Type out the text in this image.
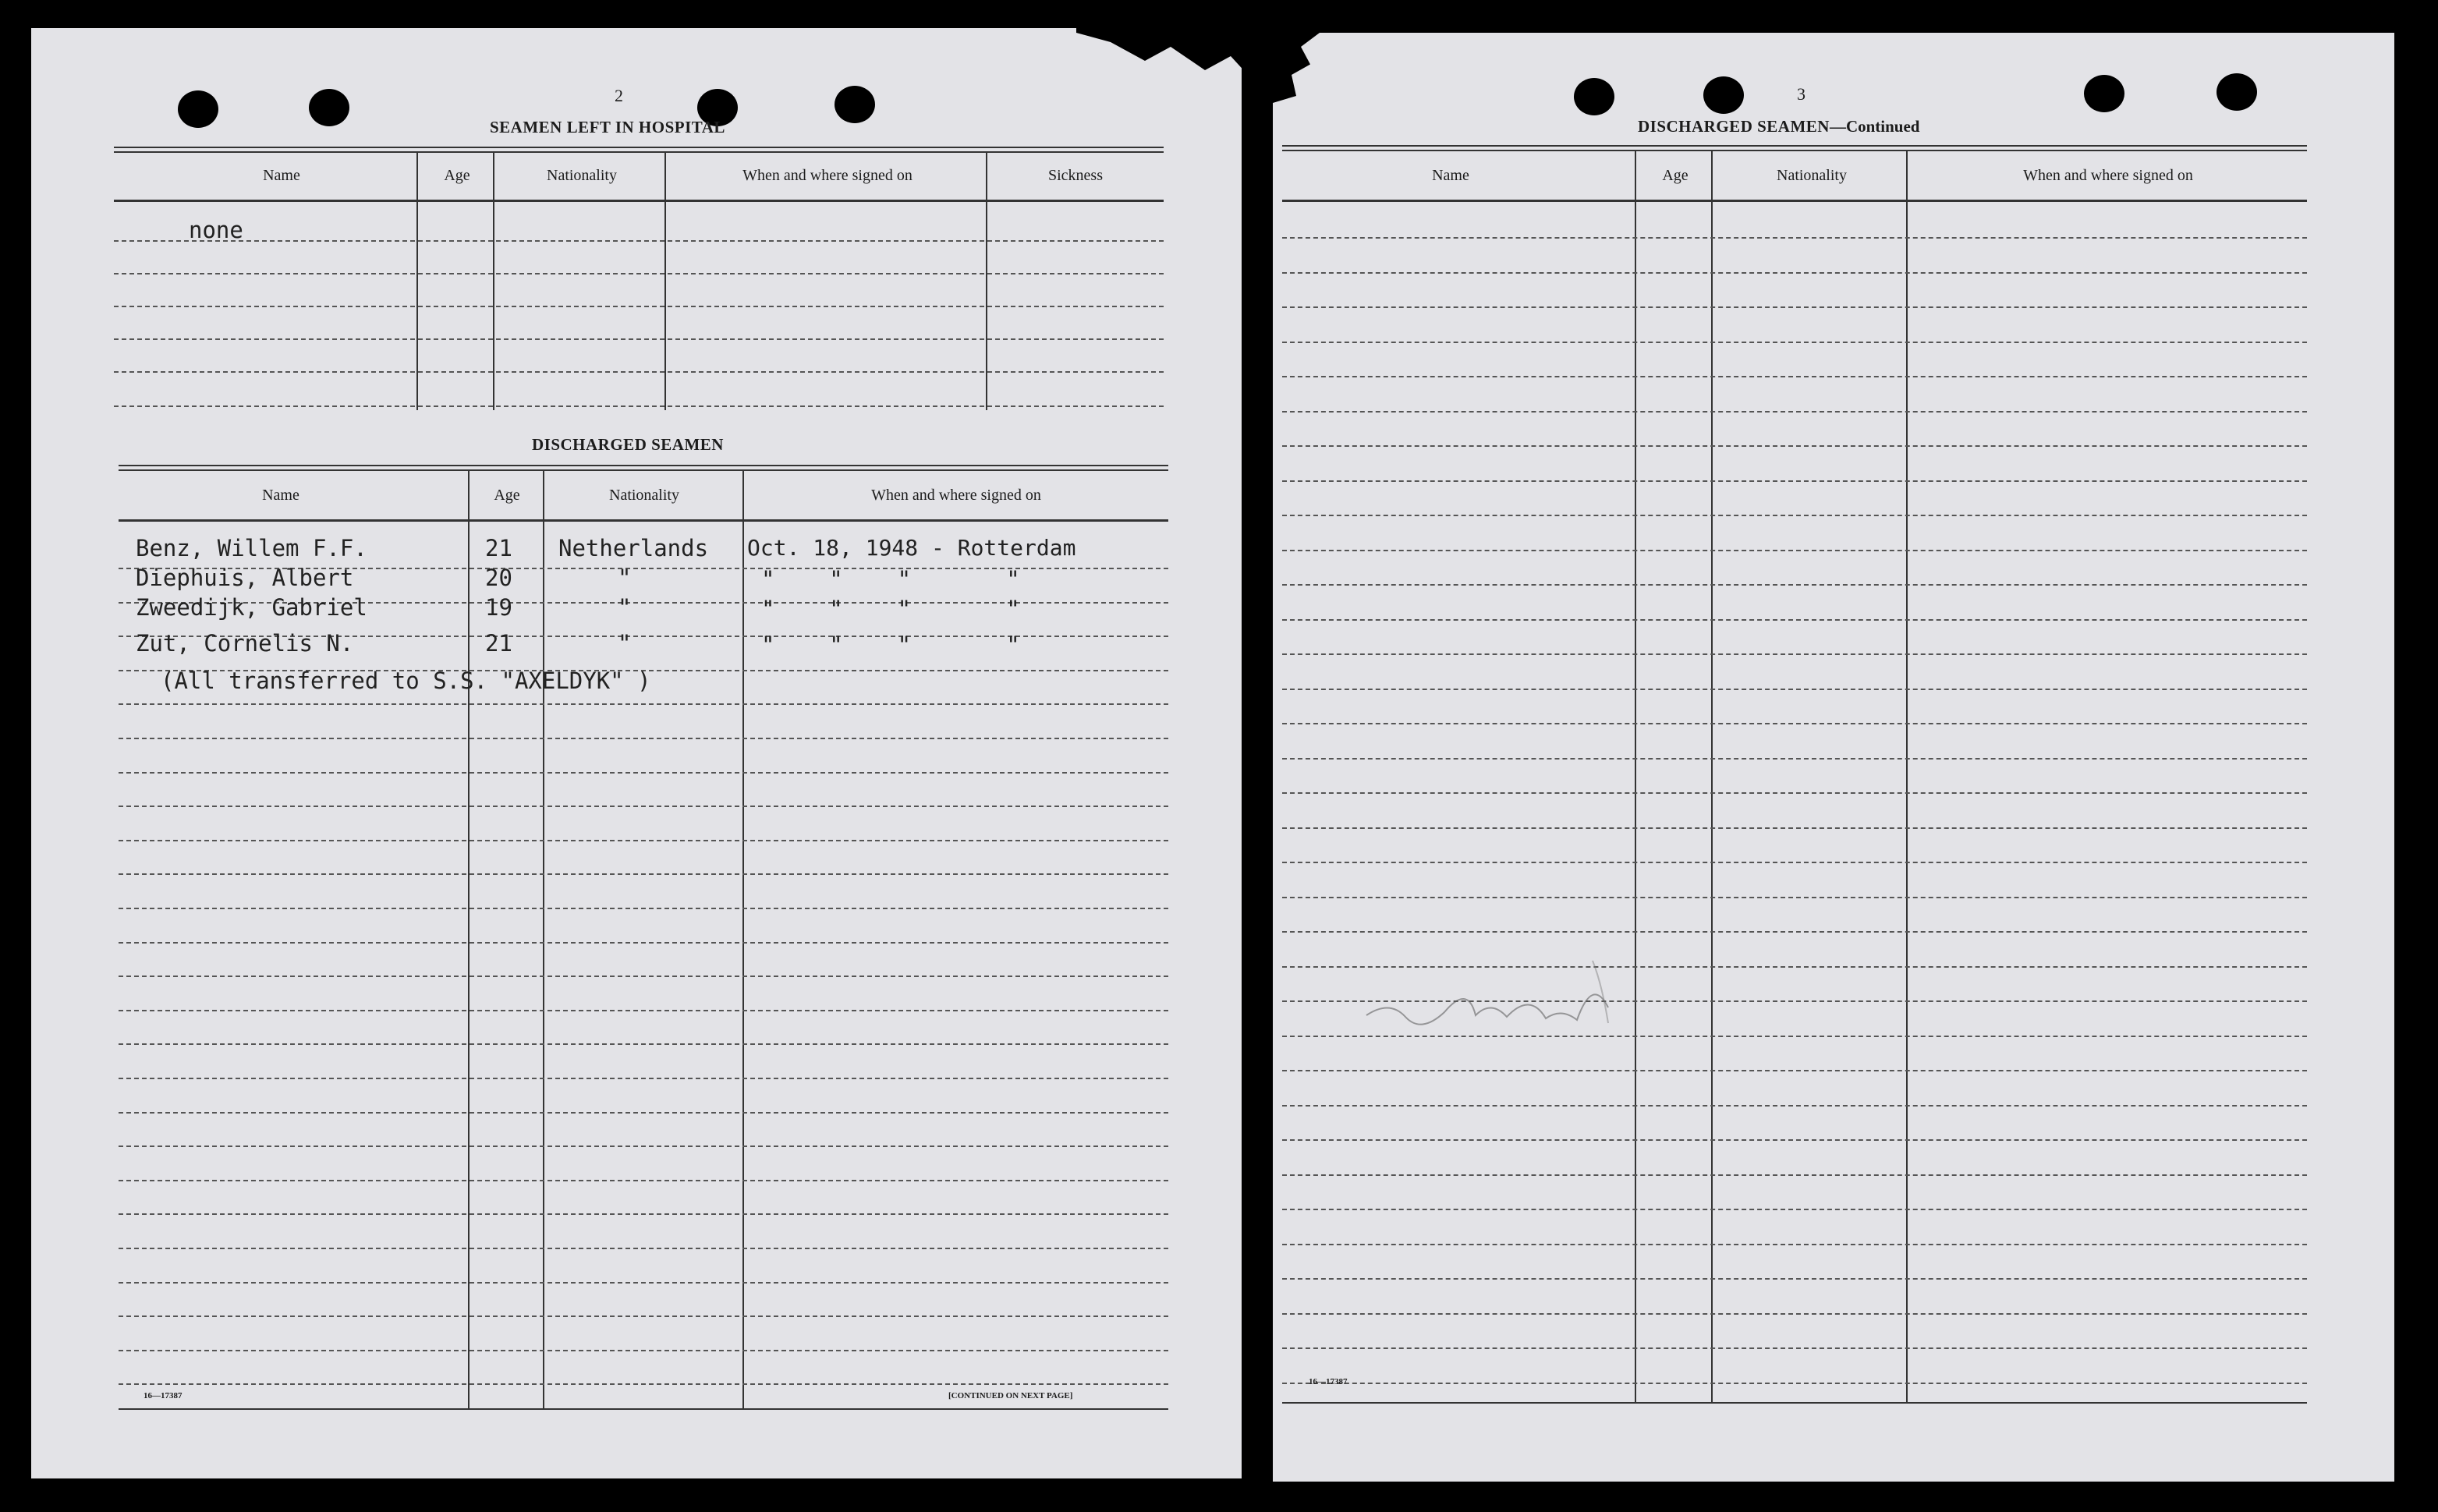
2
SEAMEN LEFT IN HOSPITAL
Name	Age	Nationality	When and where signed on	Sickness
none
DISCHARGED SEAMEN
Name	Age	Nationality	When and where signed on
Benz, Willem F.F.	21 Netherlands Oct. 18, 1948 - Rotterdam
Diephuis, Albert	20	"	"    "    "       "
Zweedijk, Gabriel	19	"	"    "    "       "
Zut, Cornelis N.	21	"	"    "    "       "
(All transferred to S.S. "AXELDYK" )
16—17387	[CONTINUED ON NEXT PAGE]
3
DISCHARGED SEAMEN—Continued
Name	Age	Nationality	When and where signed on
16—17387
